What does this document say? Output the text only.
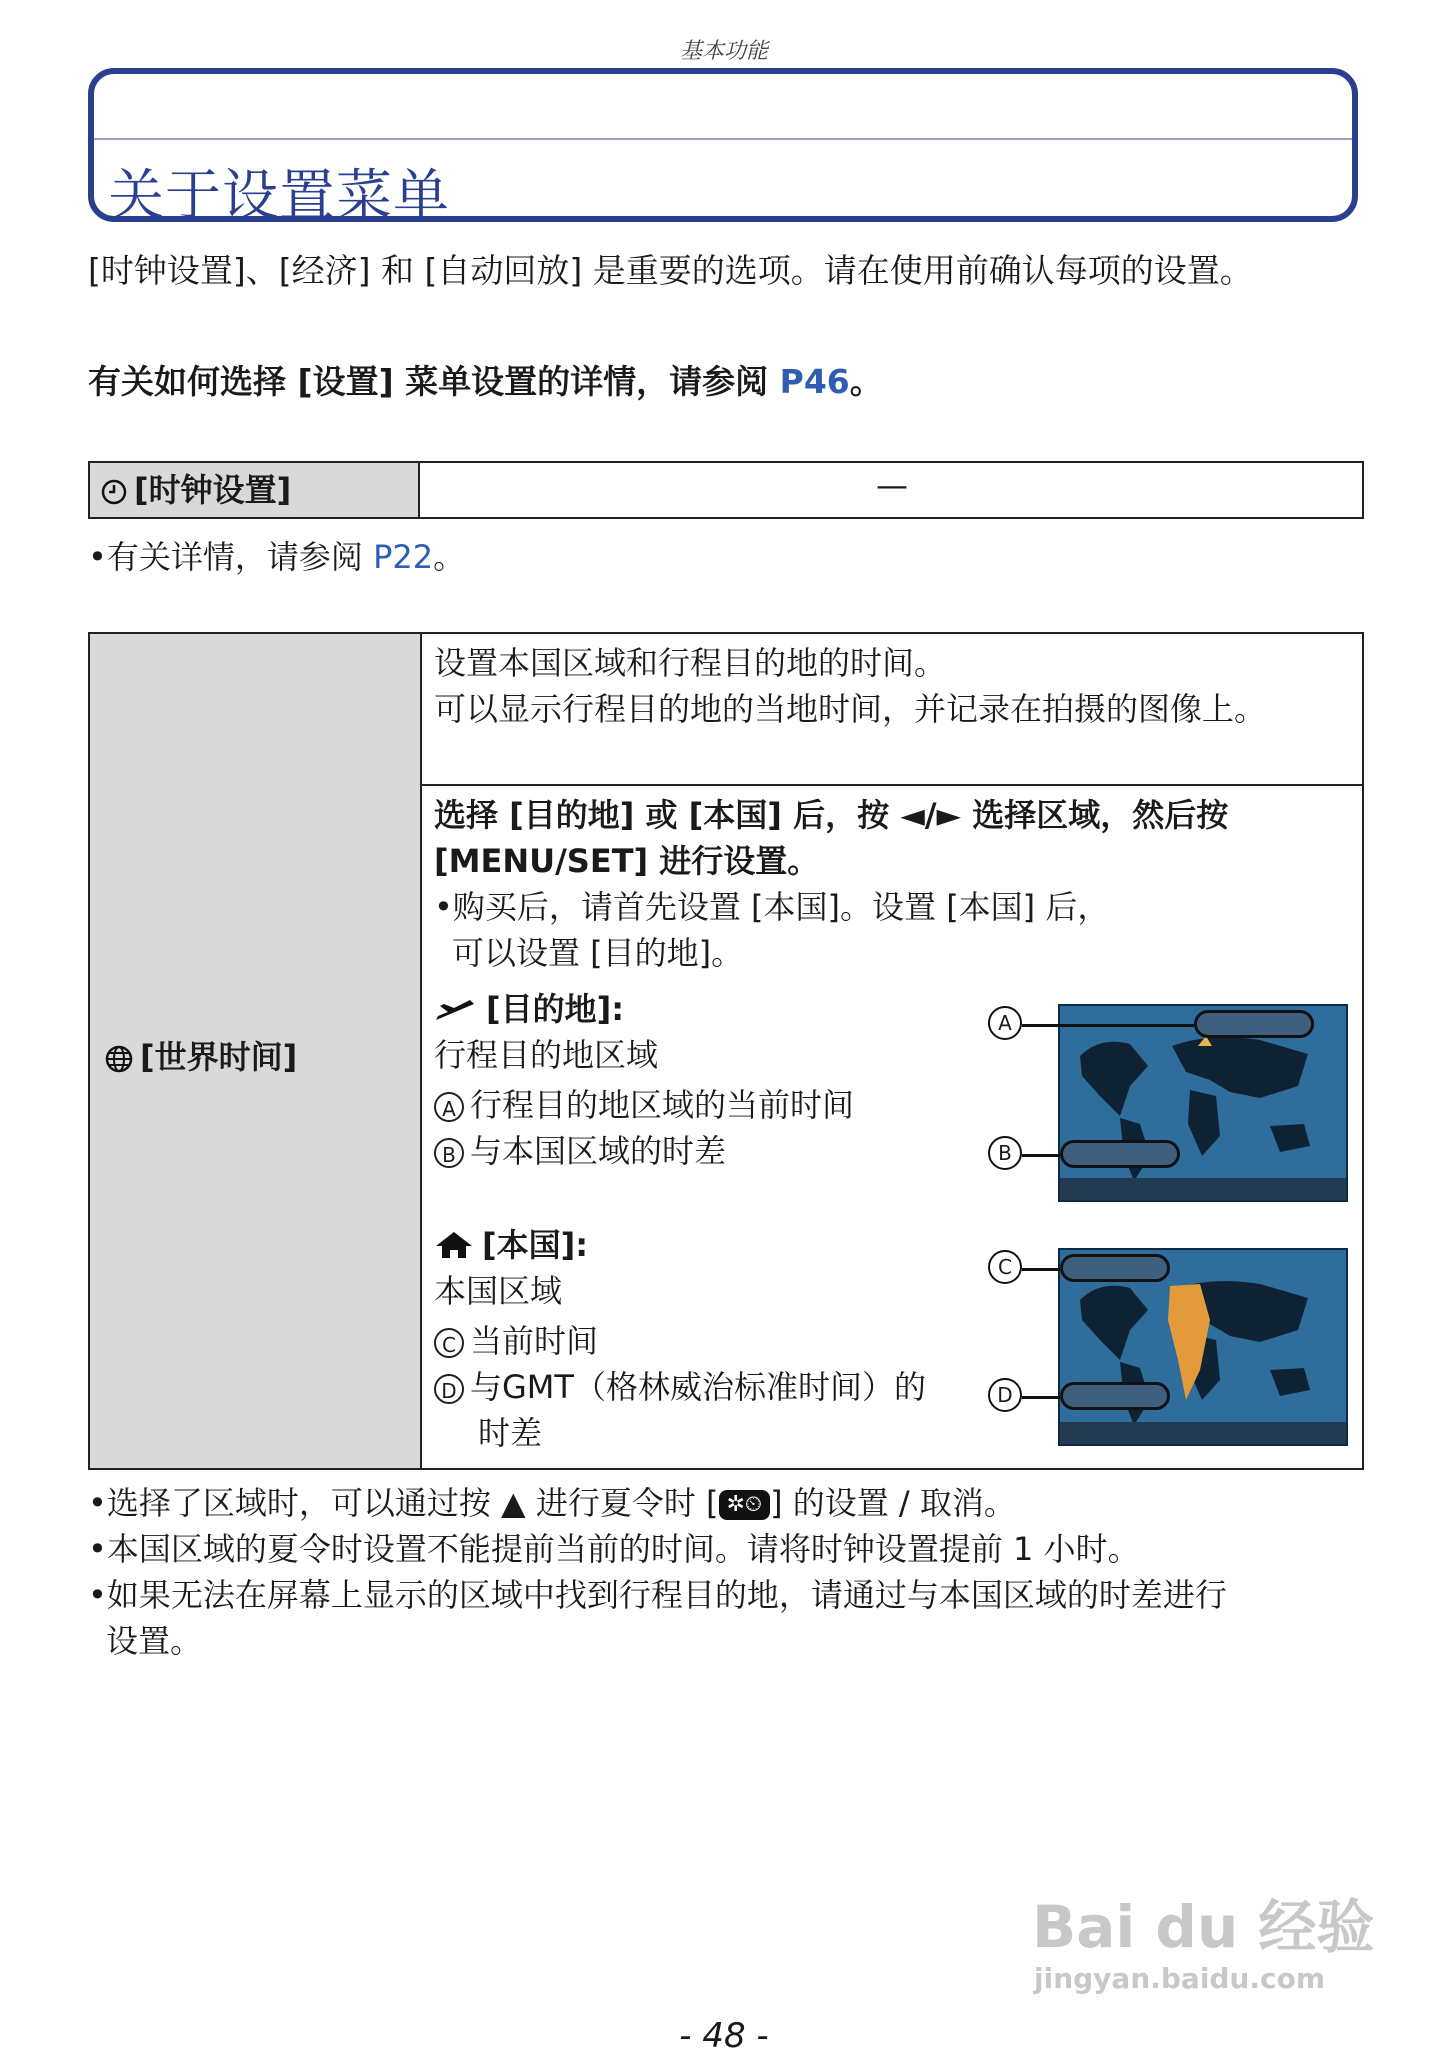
基本功能
关于设置菜单
[时钟设置]、[经济] 和 [自动回放] 是重要的选项。请在使用前确认每项的设置。
有关如何选择 [设置] 菜单设置的详情，请参阅 P46。
[时钟设置]	—
•有关详情，请参阅 P22。
[世界时间]
设置本国区域和行程目的地的时间。
可以显示行程目的地的当地时间，并记录在拍摄的图像上。
选择 [目的地] 或 [本国] 后，按 ◄/► 选择区域，然后按
[MENU/SET] 进行设置。
•购买后，请首先设置 [本国]。设置 [本国] 后，
可以设置 [目的地]。
[目的地]:
行程目的地区域
A 行程目的地区域的当前时间
B 与本国区域的时差
A
B
[本国]:
本国区域
C 当前时间
D 与GMT（格林威治标准时间）的
时差
C
D
•选择了区域时，可以通过按 ▲ 进行夏令时 [ ✲⏲ ] 的设置 / 取消。
•本国区域的夏令时设置不能提前当前的时间。请将时钟设置提前 1 小时。
•如果无法在屏幕上显示的区域中找到行程目的地，请通过与本国区域的时差进行
设置。
Bai du 经验
jingyan.baidu.com
- 48 -
